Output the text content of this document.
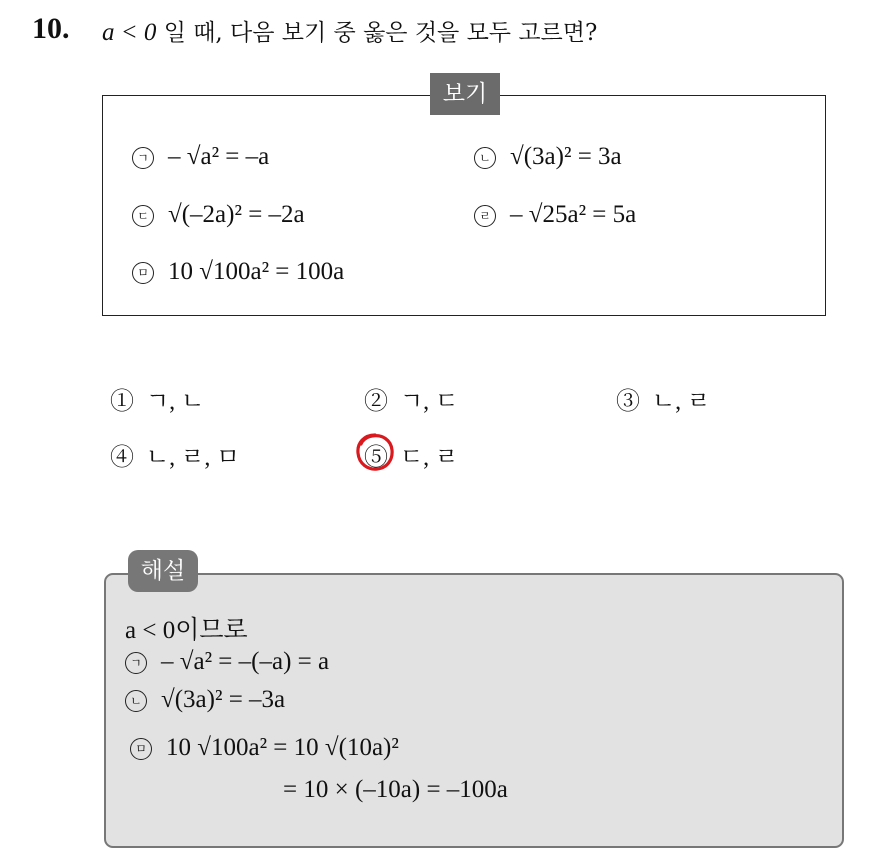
10. a < 0 일 때, 다음 보기 중 옳은 것을 모두 고르면?
보기
ㄱ – √a² = –a	ㄴ √(3a)² = 3a
ㄷ √(–2a)² = –2a	ㄹ – √25a² = 5a
ㅁ 10 √100a² = 100a
① ㄱ, ㄴ	② ㄱ, ㄷ	③ ㄴ, ㄹ
④ ㄴ, ㄹ, ㅁ	⑤ ㄷ, ㄹ
해설
a < 0이므로
ㄱ – √a² = –(–a) = a
ㄴ √(3a)² = –3a
ㅁ 10 √100a² = 10 √(10a)²
= 10 × (–10a) = –100a
